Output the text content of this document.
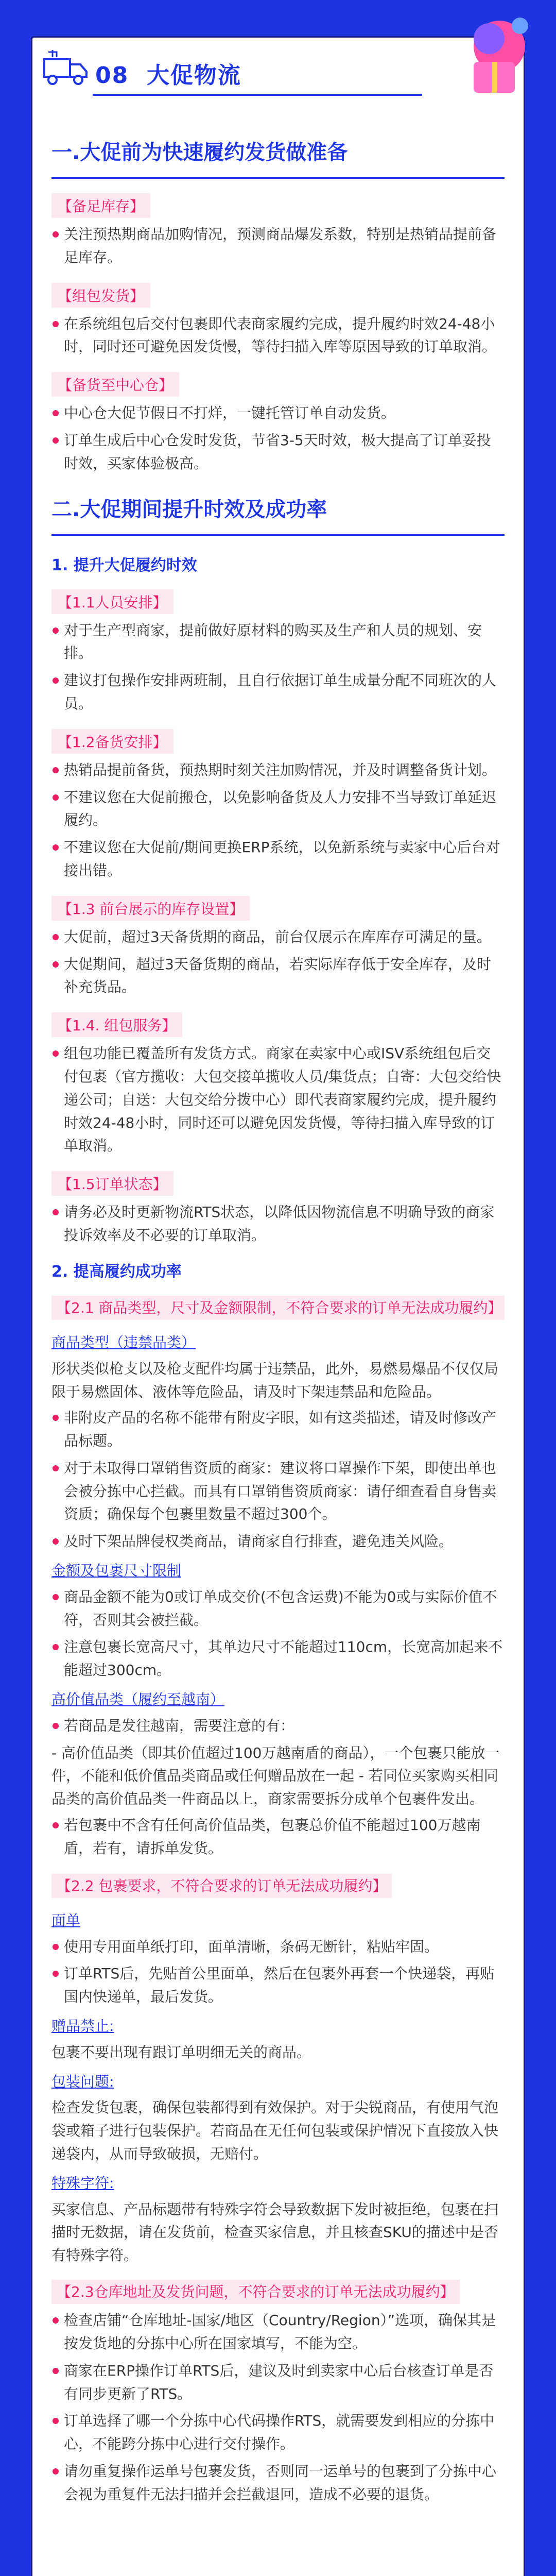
08 大促物流
一.大促前为快速履约发货做准备
【备足库存】
关注预热期商品加购情况，预测商品爆发系数，特别是热销品提前备足库存。
【组包发货】
在系统组包后交付包裹即代表商家履约完成，提升履约时效24-48小时，同时还可避免因发货慢，等待扫描入库等原因导致的订单取消。
【备货至中心仓】
中心仓大促节假日不打烊，一键托管订单自动发货。
订单生成后中心仓发时发货，节省3-5天时效，极大提高了订单妥投时效，买家体验极高。
二.大促期间提升时效及成功率
1. 提升大促履约时效
【1.1人员安排】
对于生产型商家，提前做好原材料的购买及生产和人员的规划、安排。
建议打包操作安排两班制，且自行依据订单生成量分配不同班次的人员。
【1.2备货安排】
热销品提前备货，预热期时刻关注加购情况，并及时调整备货计划。
不建议您在大促前搬仓，以免影响备货及人力安排不当导致订单延迟履约。
不建议您在大促前/期间更换ERP系统，以免新系统与卖家中心后台对接出错。
【1.3 前台展示的库存设置】
大促前，超过3天备货期的商品，前台仅展示在库库存可满足的量。
大促期间，超过3天备货期的商品，若实际库存低于安全库存，及时补充货品。
【1.4. 组包服务】
组包功能已覆盖所有发货方式。商家在卖家中心或ISV系统组包后交付包裹（官方揽收：大包交接单揽收人员/集货点；自寄：大包交给快递公司；自送：大包交给分拨中心）即代表商家履约完成，提升履约时效24-48小时，同时还可以避免因发货慢，等待扫描入库导致的订单取消。
【1.5订单状态】
请务必及时更新物流RTS状态，以降低因物流信息不明确导致的商家投诉效率及不必要的订单取消。
2. 提高履约成功率
【2.1 商品类型，尺寸及金额限制，不符合要求的订单无法成功履约】
商品类型（违禁品类）
形状类似枪支以及枪支配件均属于违禁品，此外，易燃易爆品不仅仅局限于易燃固体、液体等危险品，请及时下架违禁品和危险品。
非附皮产品的名称不能带有附皮字眼，如有这类描述，请及时修改产品标题。
对于未取得口罩销售资质的商家：建议将口罩操作下架，即使出单也会被分拣中心拦截。而具有口罩销售资质商家：请仔细查看自身售卖资质；确保每个包裹里数量不超过300个。
及时下架品牌侵权类商品，请商家自行排查，避免违关风险。
金额及包裹尺寸限制
商品金额不能为0或订单成交价(不包含运费)不能为0或与实际价值不符，否则其会被拦截。
注意包裹长宽高尺寸，其单边尺寸不能超过110cm，长宽高加起来不能超过300cm。
高价值品类（履约至越南）
若商品是发往越南，需要注意的有：
- 高价值品类（即其价值超过100万越南盾的商品），一个包裹只能放一件，不能和低价值品类商品或任何赠品放在一起 - 若同位买家购买相同品类的高价值品类一件商品以上，商家需要拆分成单个包裹件发出。
若包裹中不含有任何高价值品类，包裹总价值不能超过100万越南盾，若有，请拆单发货。
【2.2 包裹要求，不符合要求的订单无法成功履约】
面单
使用专用面单纸打印，面单清晰，条码无断针，粘贴牢固。
订单RTS后，先贴首公里面单，然后在包裹外再套一个快递袋，再贴国内快递单，最后发货。
赠品禁止:
包裹不要出现有跟订单明细无关的商品。
包装问题:
检查发货包裹，确保包装都得到有效保护。对于尖锐商品，有使用气泡袋或箱子进行包装保护。若商品在无任何包装或保护情况下直接放入快递袋内，从而导致破损，无赔付。
特殊字符:
买家信息、产品标题带有特殊字符会导致数据下发时被拒绝，包裹在扫描时无数据，请在发货前，检查买家信息，并且核查SKU的描述中是否有特殊字符。
【2.3仓库地址及发货问题，不符合要求的订单无法成功履约】
检查店铺“仓库地址-国家/地区（Country/Region）”选项，确保其是按发货地的分拣中心所在国家填写，不能为空。
商家在ERP操作订单RTS后，建议及时到卖家中心后台核查订单是否有同步更新了RTS。
订单选择了哪一个分拣中心代码操作RTS，就需要发到相应的分拣中心，不能跨分拣中心进行交付操作。
请勿重复操作运单号包裹发货，否则同一运单号的包裹到了分拣中心会视为重复件无法扫描并会拦截退回，造成不必要的退货。
